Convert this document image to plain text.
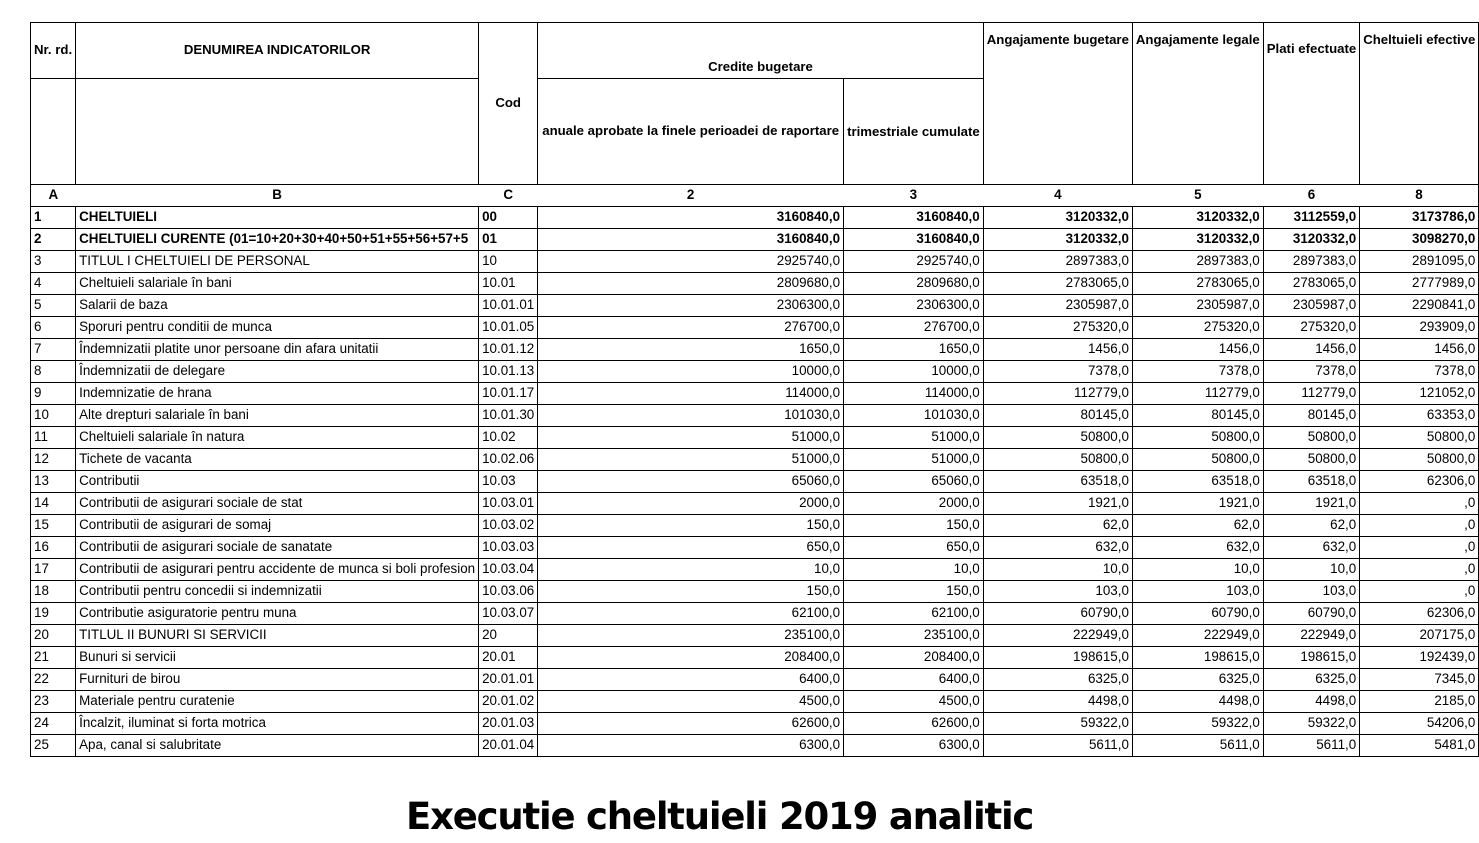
Nr. rd.	DENUMIREA INDICATORILOR	Cod	Credite bugetare		Angajamente bugetare	Angajamente legale	Plati efectuate	Cheltuieli efective
			anuale aprobate la finele perioadei de raportare	trimestriale cumulate				
A	B	C	2	3	4	5	6	8
1	CHELTUIELI	00	3160840,0	3160840,0	3120332,0	3120332,0	3112559,0	3173786,0
2	CHELTUIELI CURENTE (01=10+20+30+40+50+51+55+56+57+5	01	3160840,0	3160840,0	3120332,0	3120332,0	3120332,0	3098270,0
3	TITLUL I CHELTUIELI DE PERSONAL	10	2925740,0	2925740,0	2897383,0	2897383,0	2897383,0	2891095,0
4	Cheltuieli salariale în bani	10.01	2809680,0	2809680,0	2783065,0	2783065,0	2783065,0	2777989,0
5	Salarii de baza	10.01.01	2306300,0	2306300,0	2305987,0	2305987,0	2305987,0	2290841,0
6	Sporuri pentru conditii de munca	10.01.05	276700,0	276700,0	275320,0	275320,0	275320,0	293909,0
7	Îndemnizatii platite unor persoane din afara unitatii	10.01.12	1650,0	1650,0	1456,0	1456,0	1456,0	1456,0
8	Îndemnizatii de delegare	10.01.13	10000,0	10000,0	7378,0	7378,0	7378,0	7378,0
9	Indemnizatie de hrana	10.01.17	114000,0	114000,0	112779,0	112779,0	112779,0	121052,0
10	Alte drepturi salariale în bani	10.01.30	101030,0	101030,0	80145,0	80145,0	80145,0	63353,0
11	Cheltuieli salariale în natura	10.02	51000,0	51000,0	50800,0	50800,0	50800,0	50800,0
12	Tichete de vacanta	10.02.06	51000,0	51000,0	50800,0	50800,0	50800,0	50800,0
13	Contributii	10.03	65060,0	65060,0	63518,0	63518,0	63518,0	62306,0
14	Contributii de asigurari sociale de stat	10.03.01	2000,0	2000,0	1921,0	1921,0	1921,0	,0
15	Contributii de asigurari de somaj	10.03.02	150,0	150,0	62,0	62,0	62,0	,0
16	Contributii de asigurari sociale de sanatate	10.03.03	650,0	650,0	632,0	632,0	632,0	,0
17	Contributii de asigurari pentru accidente de munca si boli profesion	10.03.04	10,0	10,0	10,0	10,0	10,0	,0
18	Contributii pentru concedii si indemnizatii	10.03.06	150,0	150,0	103,0	103,0	103,0	,0
19	Contributie asiguratorie pentru muna	10.03.07	62100,0	62100,0	60790,0	60790,0	60790,0	62306,0
20	TITLUL II BUNURI SI SERVICII	20	235100,0	235100,0	222949,0	222949,0	222949,0	207175,0
21	Bunuri si servicii	20.01	208400,0	208400,0	198615,0	198615,0	198615,0	192439,0
22	Furnituri de birou	20.01.01	6400,0	6400,0	6325,0	6325,0	6325,0	7345,0
23	Materiale pentru curatenie	20.01.02	4500,0	4500,0	4498,0	4498,0	4498,0	2185,0
24	Încalzit, iluminat si forta motrica	20.01.03	62600,0	62600,0	59322,0	59322,0	59322,0	54206,0
25	Apa, canal si salubritate	20.01.04	6300,0	6300,0	5611,0	5611,0	5611,0	5481,0
Executie cheltuieli 2019 analitic
